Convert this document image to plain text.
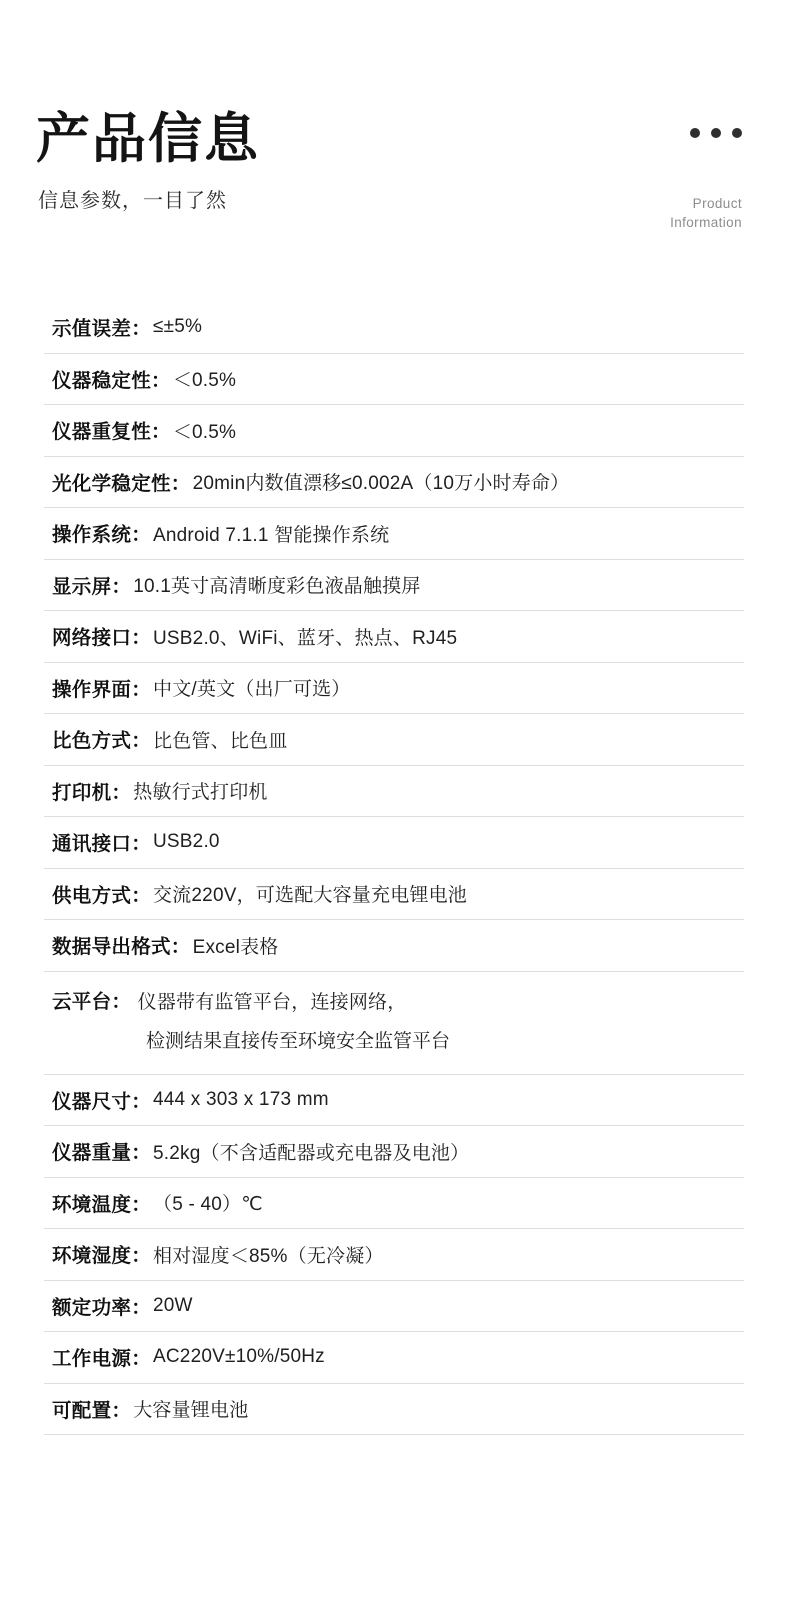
产品信息
信息参数，一目了然	Product
Information
示值误差： ≤±5%
仪器稳定性： ＜0.5%
仪器重复性： ＜0.5%
光化学稳定性： 20min内数值漂移≤0.002A（10万小时寿命）
操作系统： Android 7.1.1 智能操作系统
显示屏： 10.1英寸高清晰度彩色液晶触摸屏
网络接口： USB2.0、WiFi、蓝牙、热点、RJ45
操作界面： 中文/英文（出厂可选）
比色方式： 比色管、比色皿
打印机： 热敏行式打印机
通讯接口： USB2.0
供电方式： 交流220V，可选配大容量充电锂电池
数据导出格式： Excel表格
云平台： 仪器带有监管平台，连接网络，
检测结果直接传至环境安全监管平台
仪器尺寸： 444 x 303 x 173 mm
仪器重量： 5.2kg（不含适配器或充电器及电池）
环境温度： （5 - 40）℃
环境湿度： 相对湿度＜85%（无冷凝）
额定功率： 20W
工作电源： AC220V±10%/50Hz
可配置： 大容量锂电池
